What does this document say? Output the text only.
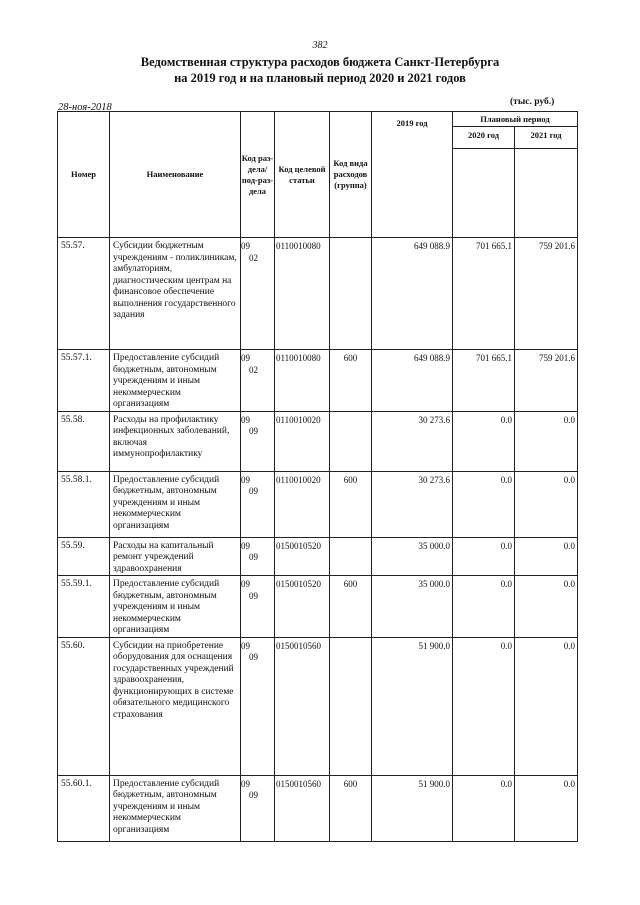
382
Ведомственная структура расходов бюджета Санкт-Петербурга
на 2019 год и на плановый период 2020 и 2021 годов
28-ноя-2018	(тыс. руб.)
Номер	Наименование	Код раз-дела/ под-раз-дела	Код целевой статьи	Код вида расходов (группа)	2019 год	Плановый период	
						2020 год	2021 год

55.57.	Субсидии бюджетным учреждениям - поликлиникам, амбулаториям, диагностическим центрам на финансовое обеспечение выполнения государственного задания	0902	0110010080		649 088.9	701 665.1	759 201.6
55.57.1.	Предоставление субсидий бюджетным, автономным учреждениям и иным некоммерческим организациям	0902	0110010080	600	649 088.9	701 665.1	759 201.6
55.58.	Расходы на профилактику инфекционных заболеваний, включая иммунопрофилактику	0909	0110010020		30 273.6	0.0	0.0
55.58.1.	Предоставление субсидий бюджетным, автономным учреждениям и иным некоммерческим организациям	0909	0110010020	600	30 273.6	0.0	0.0
55.59.	Расходы на капитальный ремонт учреждений здравоохранения	0909	0150010520		35 000.0	0.0	0.0
55.59.1.	Предоставление субсидий бюджетным, автономным учреждениям и иным некоммерческим организациям	0909	0150010520	600	35 000.0	0.0	0.0
55.60.	Субсидии на приобретение оборудования для оснащения государственных учреждений здравоохранения, функционирующих в системе обязательного медицинского страхования	0909	0150010560		51 900.0	0.0	0.0
55.60.1.	Предоставление субсидий бюджетным, автономным учреждениям и иным некоммерческим организациям	0909	0150010560	600	51 900.0	0.0	0.0
